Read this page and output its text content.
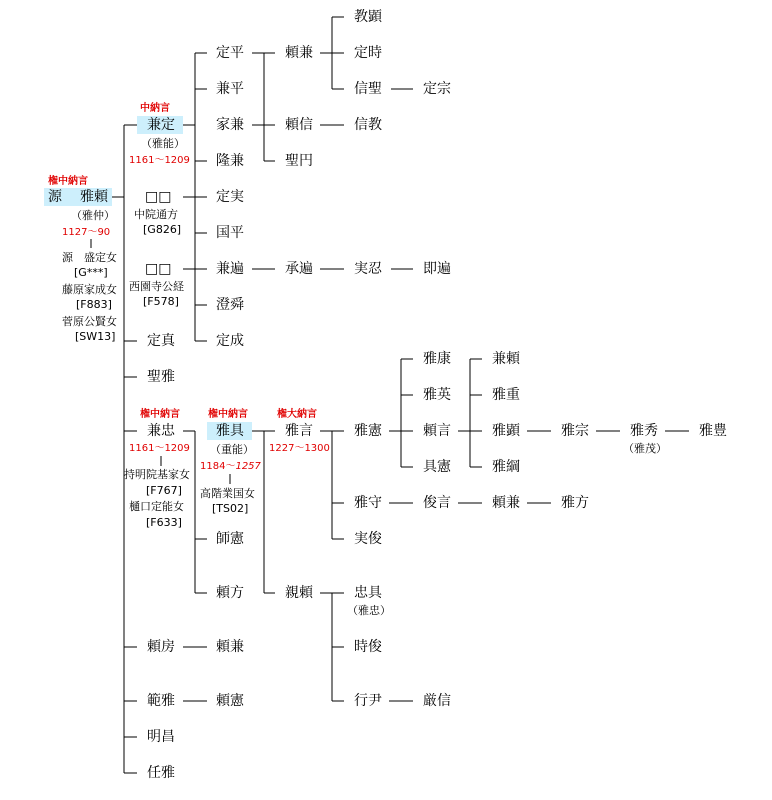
権中納言
源 雅頼
（雅仲）
1127～90
源　盛定女
[G***]
藤原家成女
[F883]
菅原公賢女
[SW13]
中納言
兼定
（雅能）
1161～1209
□□
中院通方
[G826]
□□
西園寺公経
[F578]
定真
聖雅
権中納言
兼忠
1161～1209
持明院基家女
[F767]
樋口定能女
[F633]
頼房
範雅
明昌
任雅
定平
兼平
家兼
隆兼
定実
国平
兼遍
澄舜
定成
権中納言
雅具
（重能）
1184～1257
高階業国女
[TS02]
師憲
頼方
頼兼
頼憲
頼兼
頼信
聖円
承遍
権大納言
雅言
1227～1300
親頼
教顕
定時
信聖
信教
実忍
雅憲
雅守
実俊
忠具
（雅忠）
時俊
行尹
定宗
即遍
雅康
雅英
頼言
具憲
俊言
厳信
兼頼
雅重
雅顕
雅綱
頼兼
雅宗
雅方
雅秀
（雅茂）
雅豊
